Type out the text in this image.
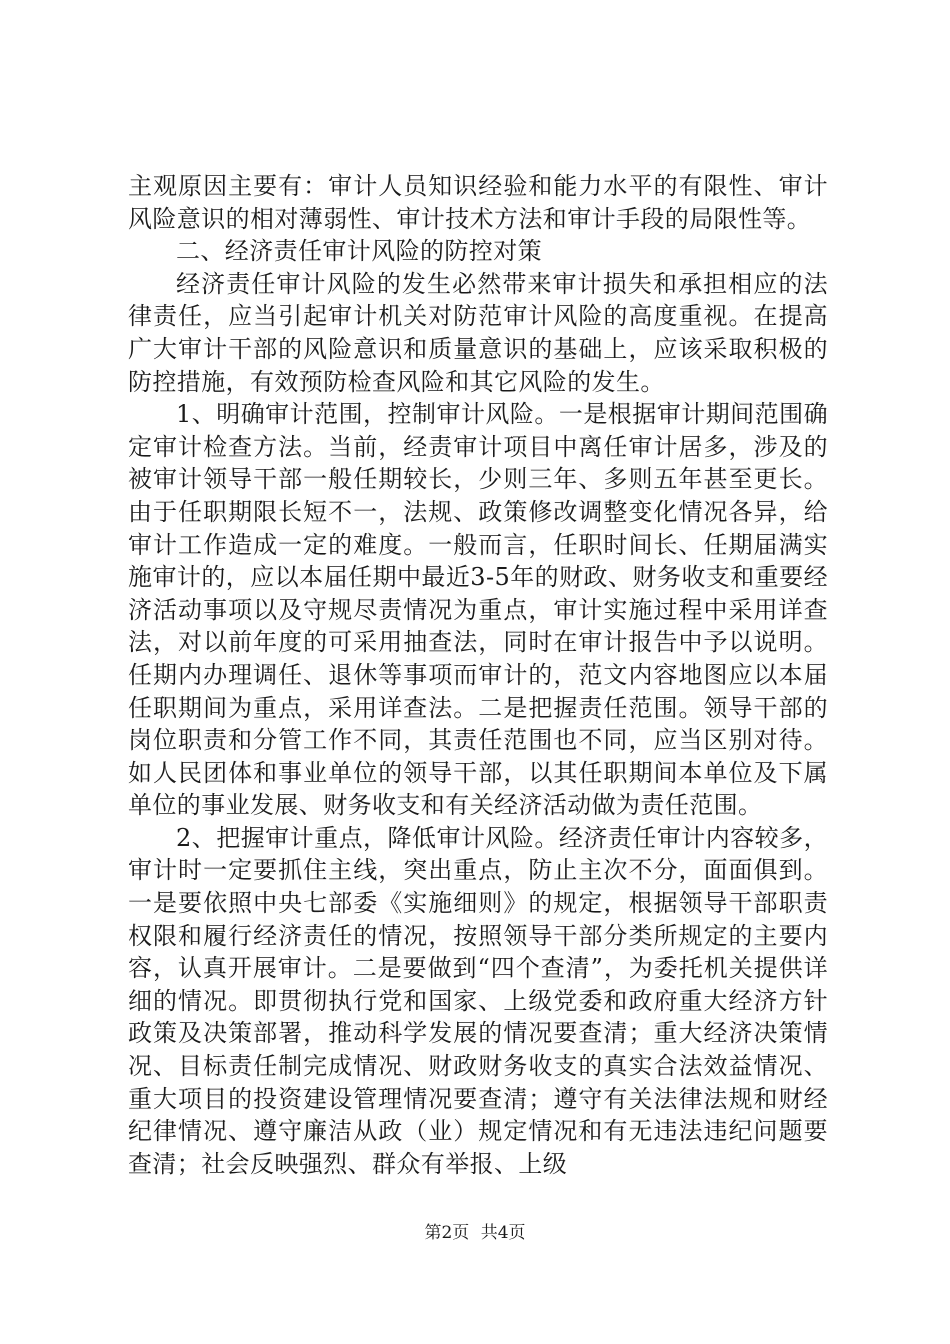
主观原因主要有：审计人员知识经验和能力水平的有限性、审计风险意识的相对薄弱性、审计技术方法和审计手段的局限性等。

二、经济责任审计风险的防控对策

经济责任审计风险的发生必然带来审计损失和承担相应的法律责任，应当引起审计机关对防范审计风险的高度重视。在提高广大审计干部的风险意识和质量意识的基础上，应该采取积极的防控措施，有效预防检查风险和其它风险的发生。

1、明确审计范围，控制审计风险。一是根据审计期间范围确定审计检查方法。当前，经责审计项目中离任审计居多，涉及的被审计领导干部一般任期较长，少则三年、多则五年甚至更长。由于任职期限长短不一，法规、政策修改调整变化情况各异，给审计工作造成一定的难度。一般而言，任职时间长、任期届满实施审计的，应以本届任期中最近3-5年的财政、财务收支和重要经济活动事项以及守规尽责情况为重点，审计实施过程中采用详查法，对以前年度的可采用抽查法，同时在审计报告中予以说明。任期内办理调任、退休等事项而审计的，范文内容地图应以本届任职期间为重点，采用详查法。二是把握责任范围。领导干部的岗位职责和分管工作不同，其责任范围也不同，应当区别对待。如人民团体和事业单位的领导干部，以其任职期间本单位及下属单位的事业发展、财务收支和有关经济活动做为责任范围。

2、把握审计重点，降低审计风险。经济责任审计内容较多，审计时一定要抓住主线，突出重点，防止主次不分，面面俱到。一是要依照中央七部委《实施细则》的规定，根据领导干部职责权限和履行经济责任的情况，按照领导干部分类所规定的主要内容，认真开展审计。二是要做到“四个查清”，为委托机关提供详细的情况。即贯彻执行党和国家、上级党委和政府重大经济方针政策及决策部署，推动科学发展的情况要查清；重大经济决策情况、目标责任制完成情况、财政财务收支的真实合法效益情况、重大项目的投资建设管理情况要查清；遵守有关法律法规和财经纪律情况、遵守廉洁从政（业）规定情况和有无违法违纪问题要查清；社会反映强烈、群众有举报、上级

第2页 共4页
